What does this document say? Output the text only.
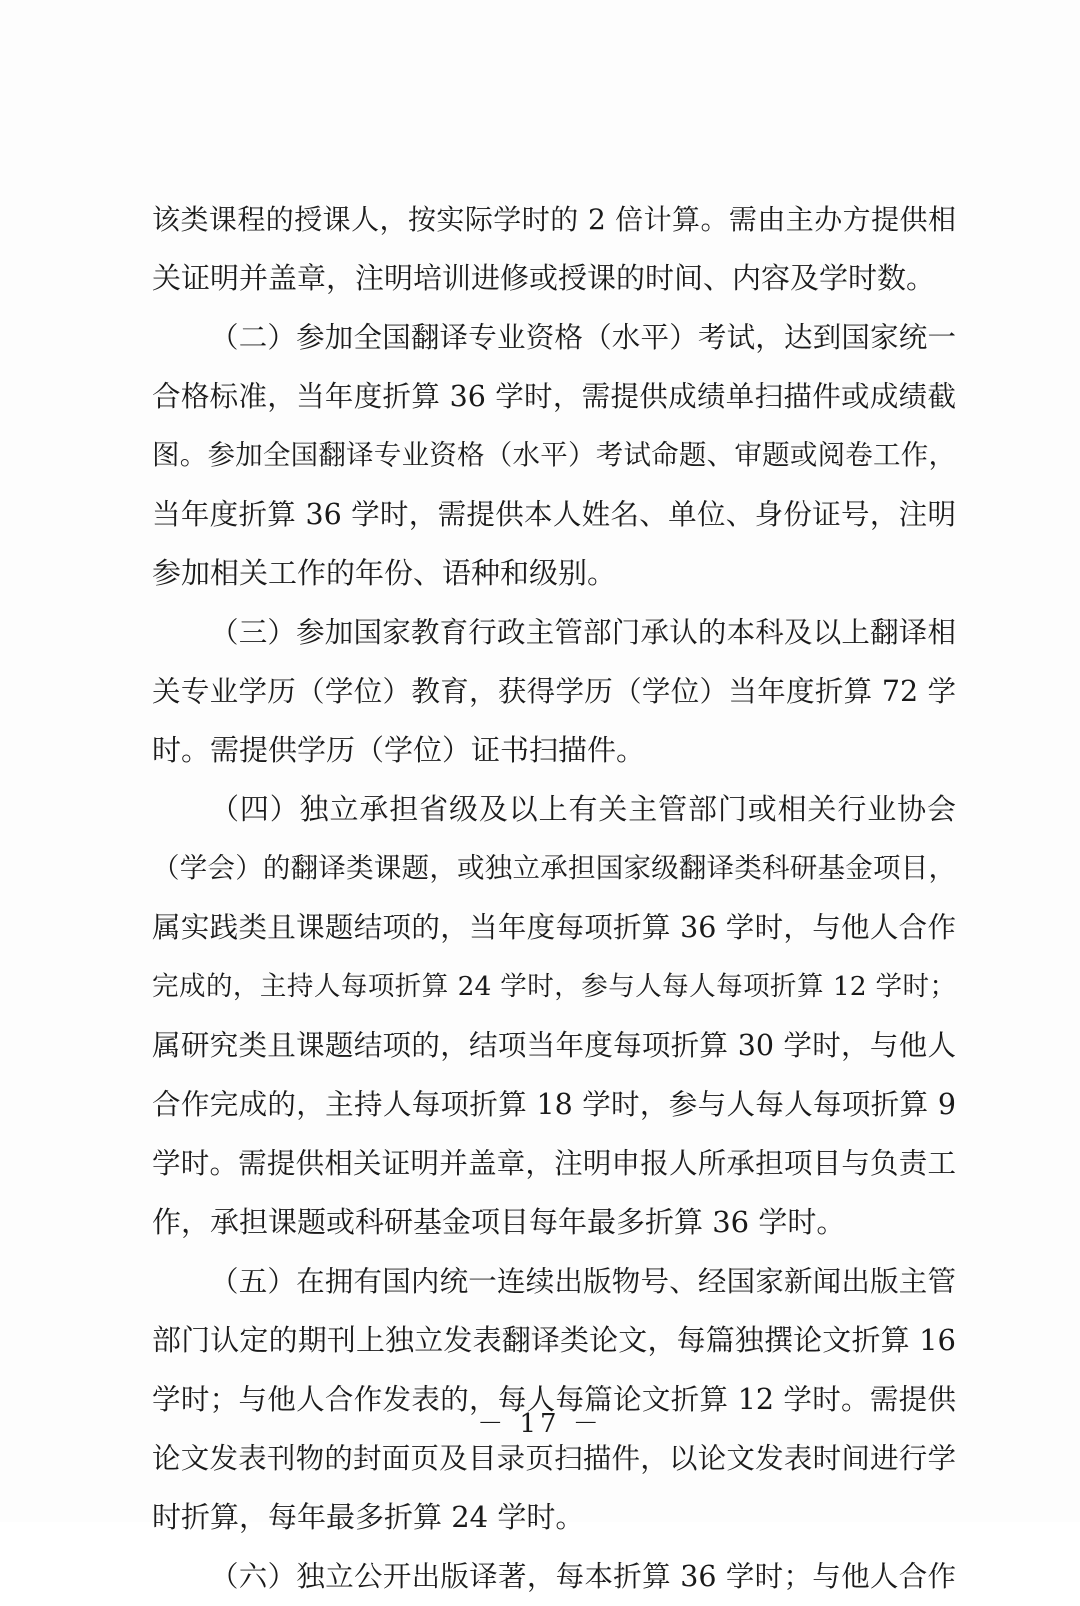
该类课程的授课人，按实际学时的 2 倍计算。需由主办方提供相
关证明并盖章，注明培训进修或授课的时间、内容及学时数。
（二）参加全国翻译专业资格（水平）考试，达到国家统一
合格标准，当年度折算 36 学时，需提供成绩单扫描件或成绩截
图。参加全国翻译专业资格（水平）考试命题、审题或阅卷工作，
当年度折算 36 学时，需提供本人姓名、单位、身份证号，注明
参加相关工作的年份、语种和级别。
（三）参加国家教育行政主管部门承认的本科及以上翻译相
关专业学历（学位）教育，获得学历（学位）当年度折算 72 学
时。需提供学历（学位）证书扫描件。
（四）独立承担省级及以上有关主管部门或相关行业协会
（学会）的翻译类课题，或独立承担国家级翻译类科研基金项目，
属实践类且课题结项的，当年度每项折算 36 学时，与他人合作
完成的，主持人每项折算 24 学时，参与人每人每项折算 12 学时；
属研究类且课题结项的，结项当年度每项折算 30 学时，与他人
合作完成的，主持人每项折算 18 学时，参与人每人每项折算 9
学时。需提供相关证明并盖章，注明申报人所承担项目与负责工
作，承担课题或科研基金项目每年最多折算 36 学时。
（五）在拥有国内统一连续出版物号、经国家新闻出版主管
部门认定的期刊上独立发表翻译类论文，每篇独撰论文折算 16
学时；与他人合作发表的，每人每篇论文折算 12 学时。需提供
论文发表刊物的封面页及目录页扫描件，以论文发表时间进行学
时折算，每年最多折算 24 学时。
（六）独立公开出版译著，每本折算 36 学时；与他人合作
－ 17 －
